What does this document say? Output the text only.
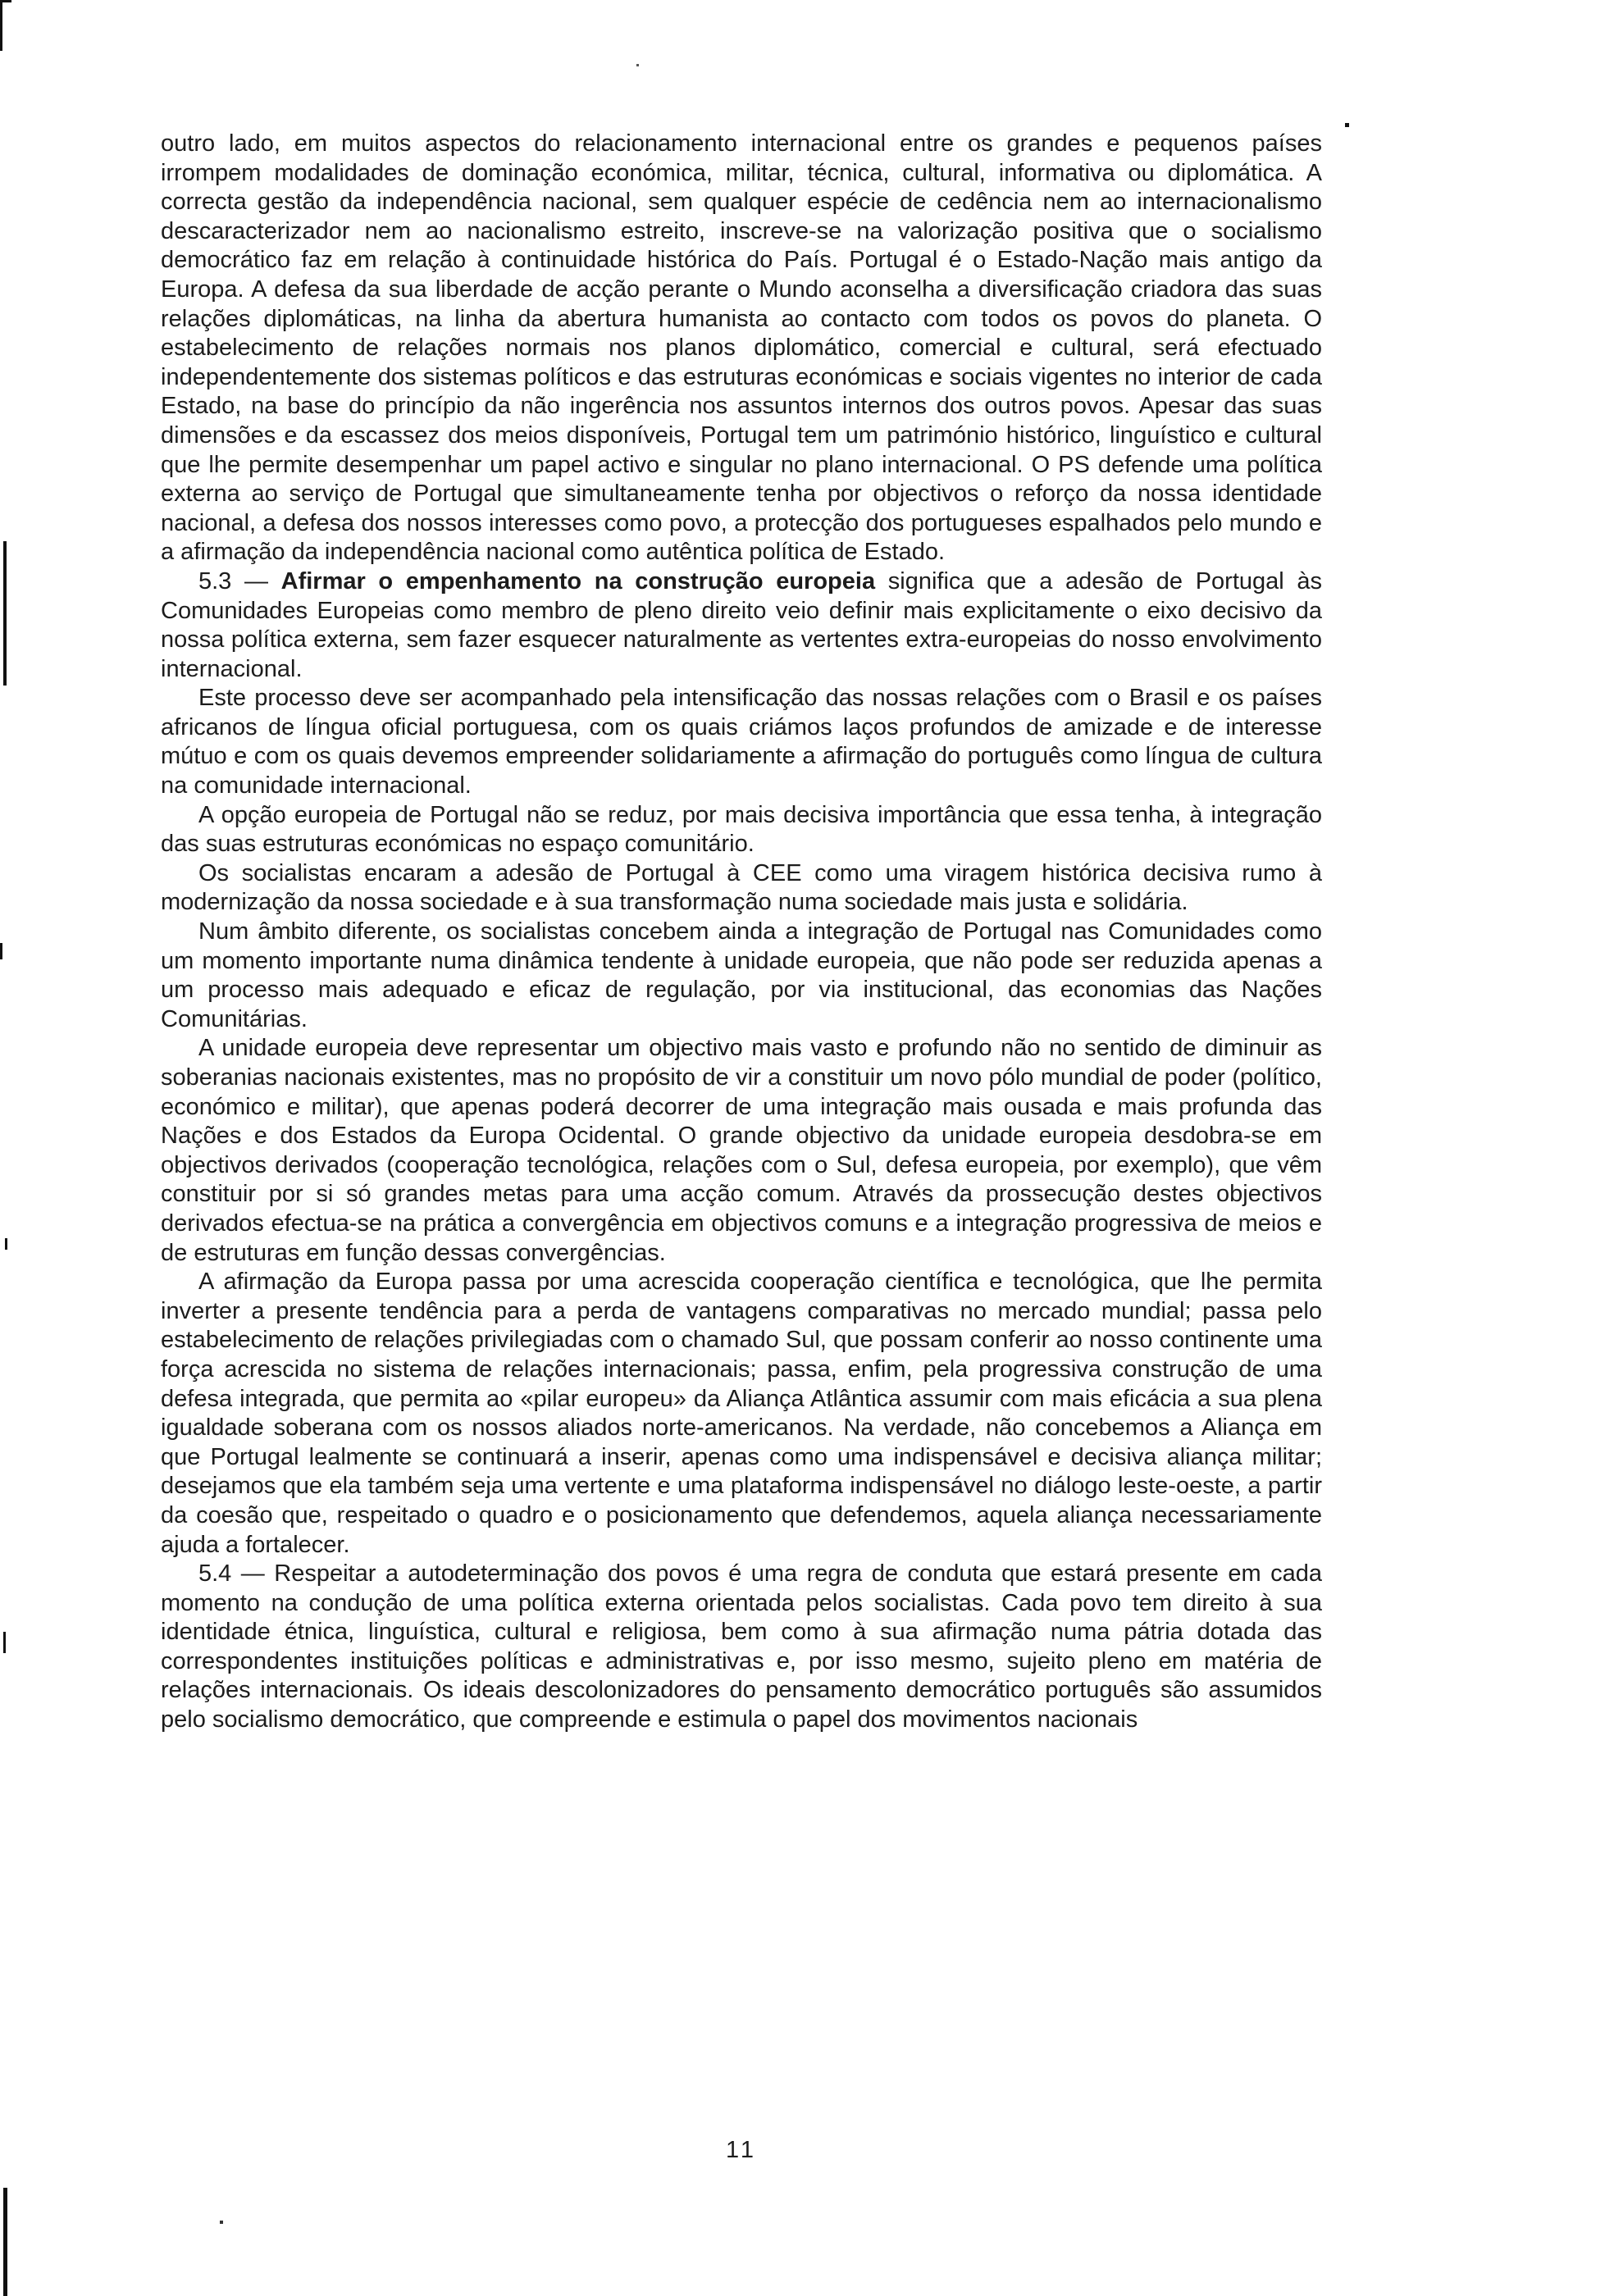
outro lado, em muitos aspectos do relacionamento internacional entre os grandes e pequenos países irrompem modalidades de dominação económica, militar, técnica, cultural, informativa ou diplomática. A correcta gestão da independência nacional, sem qualquer espécie de cedência nem ao internacionalismo descaracterizador nem ao nacionalismo estreito, inscreve-se na valorização positiva que o socialismo democrático faz em relação à continuidade histórica do País. Portugal é o Estado-Nação mais antigo da Europa. A defesa da sua liberdade de acção perante o Mundo aconselha a diversificação criadora das suas relações diplomáticas, na linha da abertura humanista ao contacto com todos os povos do planeta. O estabelecimento de relações normais nos planos diplomático, comercial e cultural, será efectuado independentemente dos sistemas políticos e das estruturas económicas e sociais vigentes no interior de cada Estado, na base do princípio da não ingerência nos assuntos internos dos outros povos. Apesar das suas dimensões e da escassez dos meios disponíveis, Portugal tem um património histórico, linguístico e cultural que lhe permite desempenhar um papel activo e singular no plano internacional. O PS defende uma política externa ao serviço de Portugal que simultaneamente tenha por objectivos o reforço da nossa identidade nacional, a defesa dos nossos interesses como povo, a protecção dos portugueses espalhados pelo mundo e a afirmação da independência nacional como autêntica política de Estado.

5.3 — Afirmar o empenhamento na construção europeia significa que a adesão de Portugal às Comunidades Europeias como membro de pleno direito veio definir mais explicitamente o eixo decisivo da nossa política externa, sem fazer esquecer naturalmente as vertentes extra-europeias do nosso envolvimento internacional.

Este processo deve ser acompanhado pela intensificação das nossas relações com o Brasil e os países africanos de língua oficial portuguesa, com os quais criámos laços profundos de amizade e de interesse mútuo e com os quais devemos empreender solidariamente a afirmação do português como língua de cultura na comunidade internacional.

A opção europeia de Portugal não se reduz, por mais decisiva importância que essa tenha, à integração das suas estruturas económicas no espaço comunitário.

Os socialistas encaram a adesão de Portugal à CEE como uma viragem histórica decisiva rumo à modernização da nossa sociedade e à sua transformação numa sociedade mais justa e solidária.

Num âmbito diferente, os socialistas concebem ainda a integração de Portugal nas Comunidades como um momento importante numa dinâmica tendente à unidade europeia, que não pode ser reduzida apenas a um processo mais adequado e eficaz de regulação, por via institucional, das economias das Nações Comunitárias.

A unidade europeia deve representar um objectivo mais vasto e profundo não no sentido de diminuir as soberanias nacionais existentes, mas no propósito de vir a constituir um novo pólo mundial de poder (político, económico e militar), que apenas poderá decorrer de uma integração mais ousada e mais profunda das Nações e dos Estados da Europa Ocidental. O grande objectivo da unidade europeia desdobra-se em objectivos derivados (cooperação tecnológica, relações com o Sul, defesa europeia, por exemplo), que vêm constituir por si só grandes metas para uma acção comum. Através da prossecução destes objectivos derivados efectua-se na prática a convergência em objectivos comuns e a integração progressiva de meios e de estruturas em função dessas convergências.

A afirmação da Europa passa por uma acrescida cooperação científica e tecnológica, que lhe permita inverter a presente tendência para a perda de vantagens comparativas no mercado mundial; passa pelo estabelecimento de relações privilegiadas com o chamado Sul, que possam conferir ao nosso continente uma força acrescida no sistema de relações internacionais; passa, enfim, pela progressiva construção de uma defesa integrada, que permita ao «pilar europeu» da Aliança Atlântica assumir com mais eficácia a sua plena igualdade soberana com os nossos aliados norte-americanos. Na verdade, não concebemos a Aliança em que Portugal lealmente se continuará a inserir, apenas como uma indispensável e decisiva aliança militar; desejamos que ela também seja uma vertente e uma plataforma indispensável no diálogo leste-oeste, a partir da coesão que, respeitado o quadro e o posicionamento que defendemos, aquela aliança necessariamente ajuda a fortalecer.

5.4 — Respeitar a autodeterminação dos povos é uma regra de conduta que estará presente em cada momento na condução de uma política externa orientada pelos socialistas. Cada povo tem direito à sua identidade étnica, linguística, cultural e religiosa, bem como à sua afirmação numa pátria dotada das correspondentes instituições políticas e administrativas e, por isso mesmo, sujeito pleno em matéria de relações internacionais. Os ideais descolonizadores do pensamento democrático português são assumidos pelo socialismo democrático, que compreende e estimula o papel dos movimentos nacionais

11
